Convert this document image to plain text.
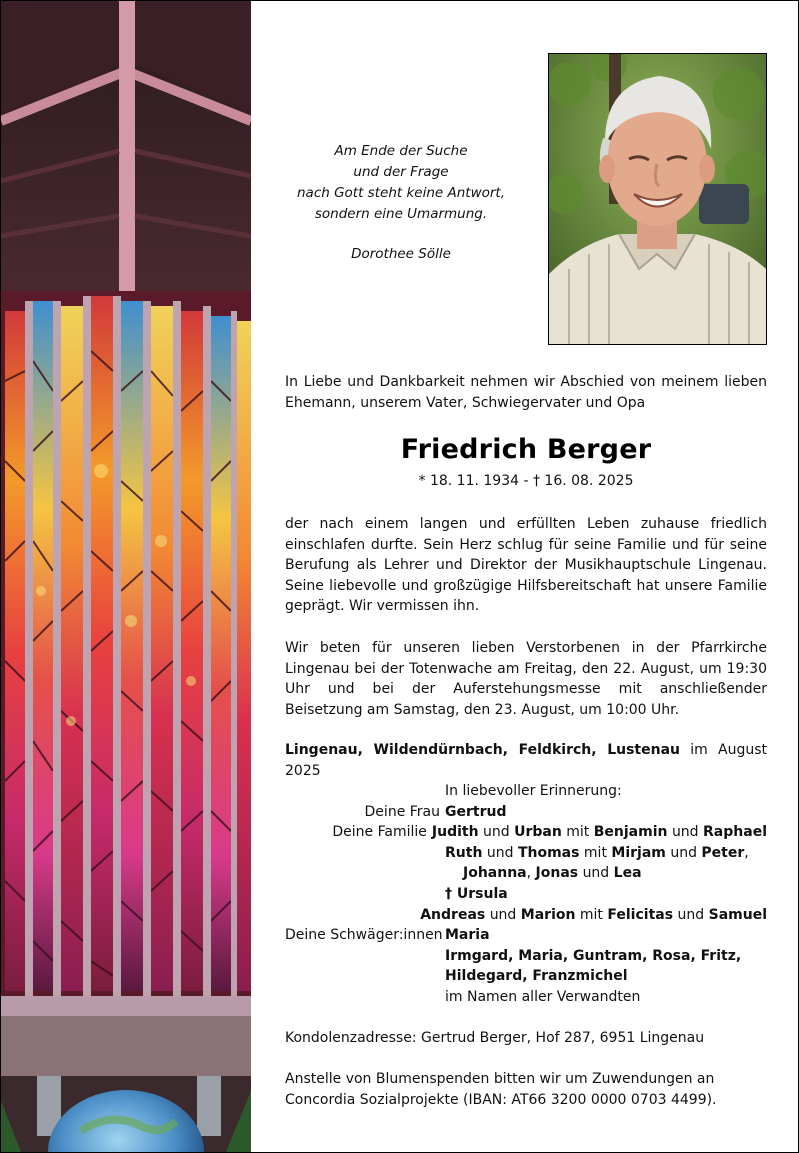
Am Ende der Suche
und der Frage
nach Gott steht keine Antwort,
sondern eine Umarmung.
Dorothee Sölle
In Liebe und Dankbarkeit nehmen wir Abschied von meinem lieben Ehemann, unserem Vater, Schwiegervater und Opa
Friedrich Berger
* 18. 11. 1934 - † 16. 08. 2025
der nach einem langen und erfüllten Leben zuhause friedlich einschlafen durfte. Sein Herz schlug für seine Familie und für seine Berufung als Lehrer und Direktor der Musikhauptschule Lingenau. Seine liebevolle und großzügige Hilfsbereitschaft hat unsere Familie geprägt. Wir vermissen ihn.
Wir beten für unseren lieben Verstorbenen in der Pfarrkirche Lingenau bei der Totenwache am Freitag, den 22. August, um 19:30 Uhr und bei der Auferstehungsmesse mit anschließender Beisetzung am Samstag, den 23. August, um 10:00 Uhr.
Lingenau, Wildendürnbach, Feldkirch, Lustenau im August 2025
In liebevoller Erinnerung:
Deine Frau Gertrud
Deine Familie Judith und Urban mit Benjamin und Raphael
Ruth und Thomas mit Mirjam und Peter,
Johanna, Jonas und Lea
† Ursula
Andreas und Marion mit Felicitas und Samuel
Deine Schwäger:innen Maria
Irmgard, Maria, Guntram, Rosa, Fritz,
Hildegard, Franzmichel
im Namen aller Verwandten
Kondolenzadresse: Gertrud Berger, Hof 287, 6951 Lingenau
Anstelle von Blumenspenden bitten wir um Zuwendungen an Concordia Sozialprojekte (IBAN: AT66 3200 0000 0703 4499).
